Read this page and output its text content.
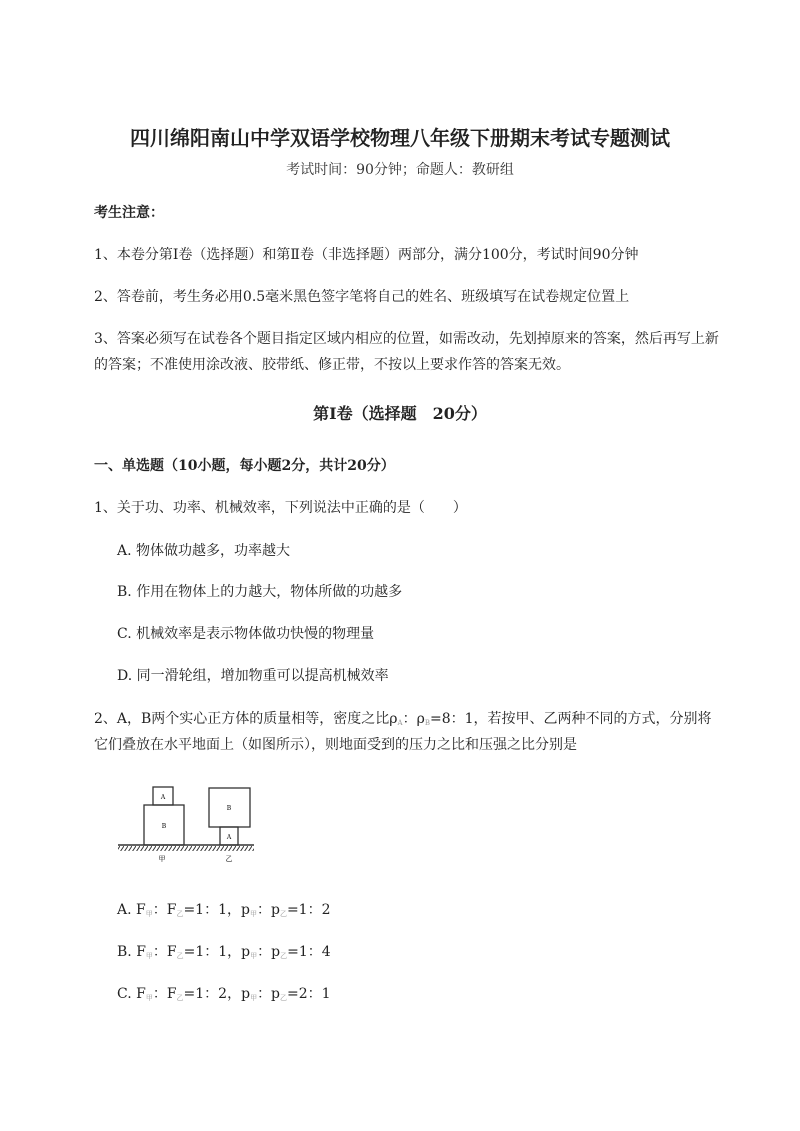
四川绵阳南山中学双语学校物理八年级下册期末考试专题测试
考试时间：90分钟；命题人：教研组
考生注意：
1、本卷分第Ⅰ卷（选择题）和第Ⅱ卷（非选择题）两部分，满分100分，考试时间90分钟
2、答卷前，考生务必用0.5毫米黑色签字笔将自己的姓名、班级填写在试卷规定位置上
3、答案必须写在试卷各个题目指定区域内相应的位置，如需改动，先划掉原来的答案，然后再写上新
的答案；不准使用涂改液、胶带纸、修正带，不按以上要求作答的答案无效。
第Ⅰ卷（选择题　20分）
一、单选题（10小题，每小题2分，共计20分）
1、关于功、功率、机械效率，下列说法中正确的是（　　）
A. 物体做功越多，功率越大
B. 作用在物体上的力越大，物体所做的功越多
C. 机械效率是表示物体做功快慢的物理量
D. 同一滑轮组，增加物重可以提高机械效率
2、A，B两个实心正方体的质量相等，密度之比$\rho_A$：$\rho_B=8$：1，若按甲、乙两种不同的方式，分别将
它们叠放在水平地面上（如图所示），则地面受到的压力之比和压强之比分别是
A
B
B
A
甲	乙
A. $F_甲$：$F_乙=1$：1，$p_甲$：$p_乙=1$：2
B. $F_甲$：$F_乙=1$：1，$p_甲$：$p_乙=1$：4
C. $F_甲$：$F_乙=1$：2，$p_甲$：$p_乙=2$：1
